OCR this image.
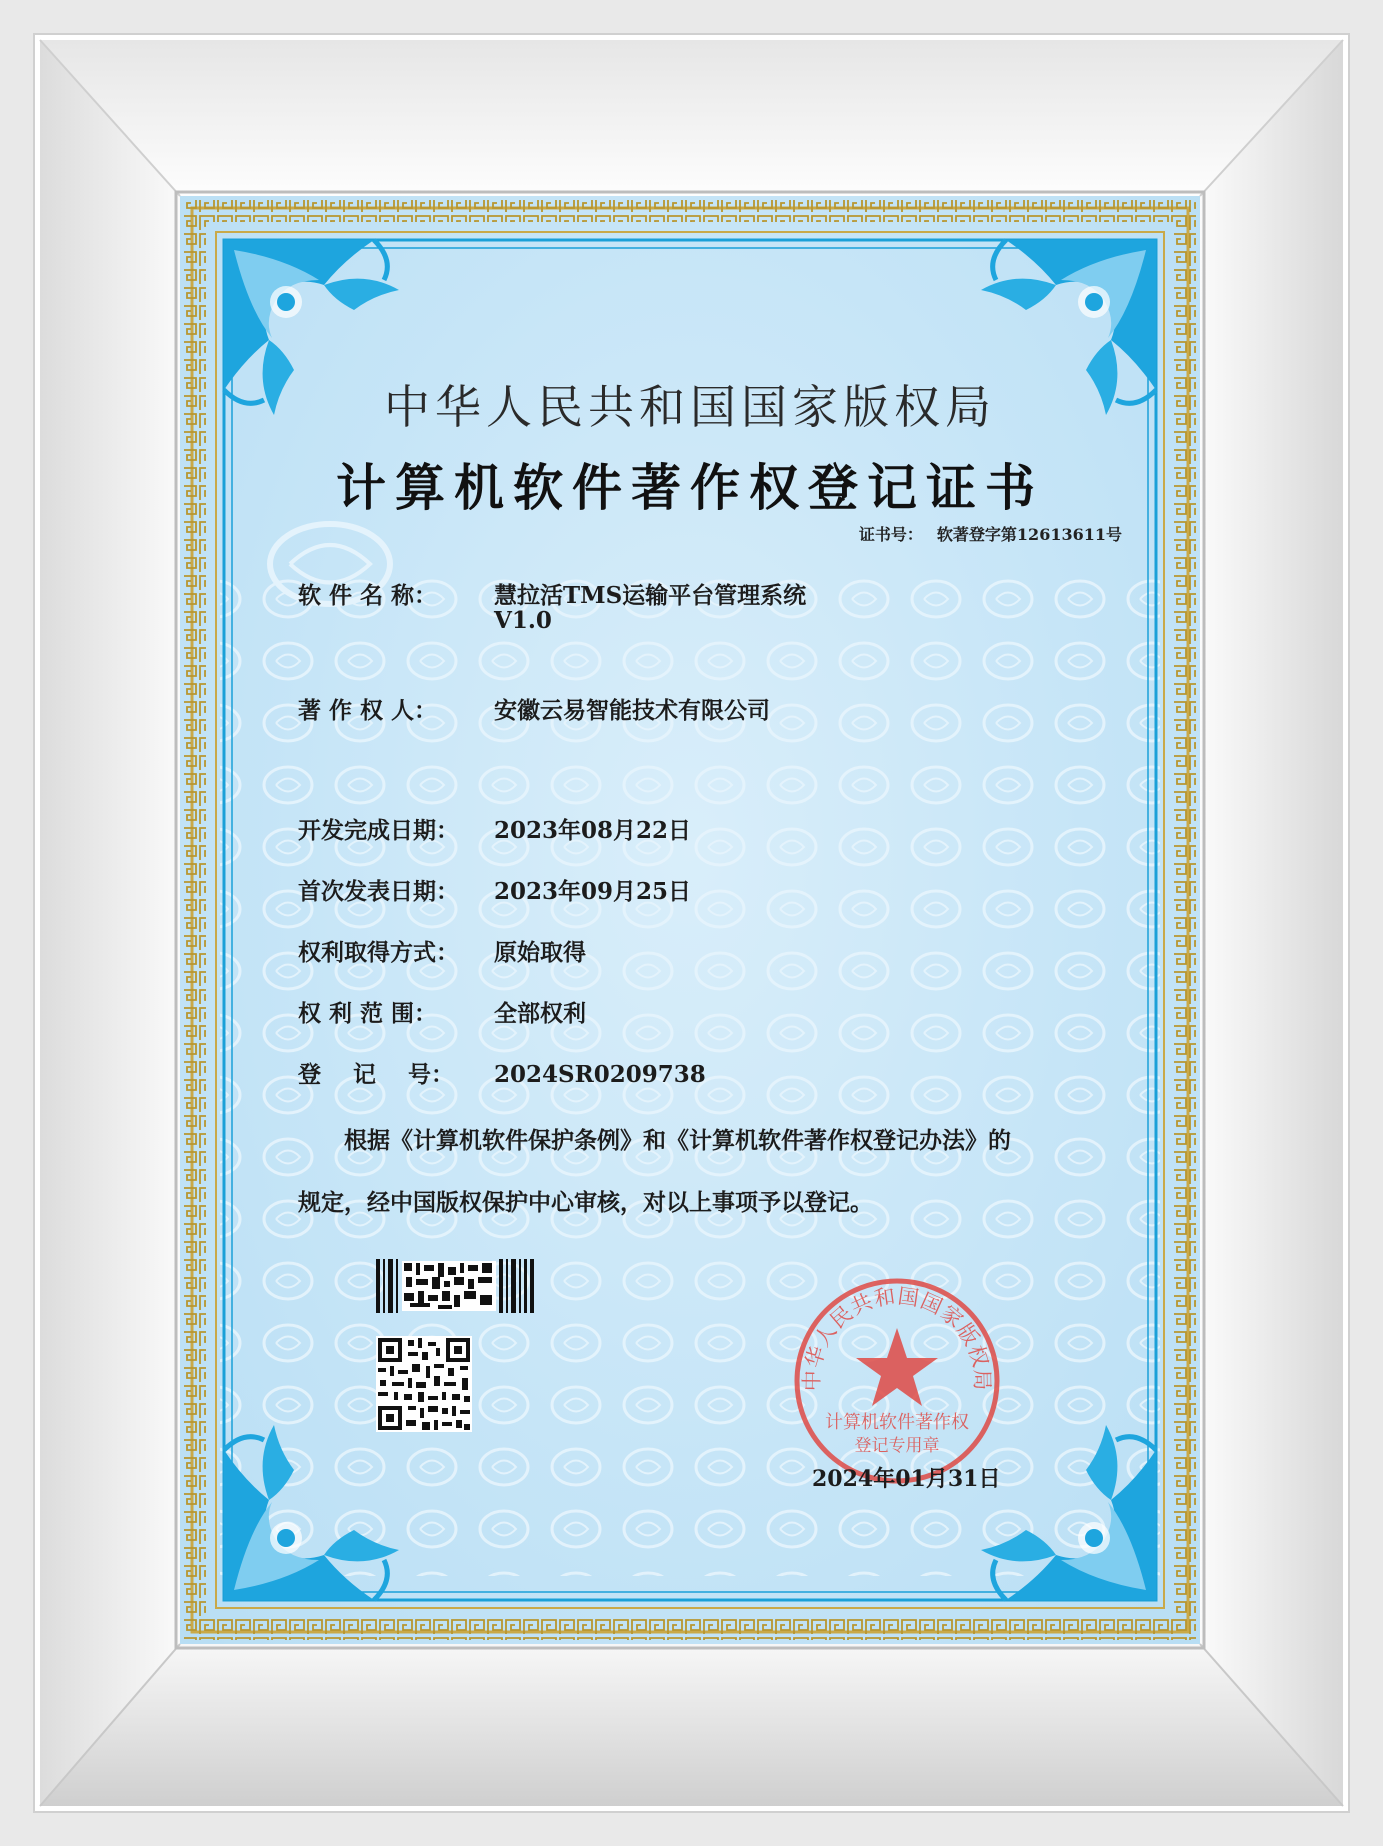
中华人民共和国国家版权局
计算机软件著作权登记证书
证书号： 软著登字第12613611号
软 件 名 称： 慧拉活TMS运输平台管理系统
V1.0
著 作 权 人： 安徽云易智能技术有限公司
开发完成日期： 2023年08月22日
首次发表日期： 2023年09月25日
权利取得方式： 原始取得
权 利 范 围： 全部权利
登    记    号： 2024SR0209738
根据《计算机软件保护条例》和《计算机软件著作权登记办法》的
规定，经中国版权保护中心审核，对以上事项予以登记。
中华人民共和国国家版权局
计算机软件著作权
登记专用章
2024年01月31日
